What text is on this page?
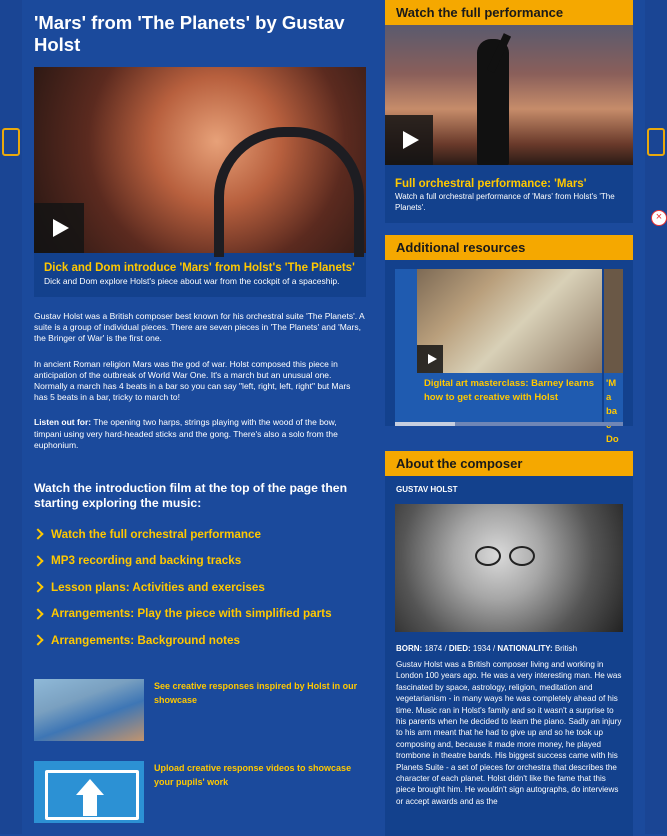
×
'Mars' from 'The Planets' by Gustav Holst
Dick and Dom introduce 'Mars' from Holst's 'The Planets'
Dick and Dom explore Holst's piece about war from the cockpit of a spaceship.

Gustav Holst was a British composer best known for his orchestral suite 'The Planets'. A suite is a group of individual pieces. There are seven pieces in 'The Planets' and 'Mars, the Bringer of War' is the first one.

In ancient Roman religion Mars was the god of war. Holst composed this piece in anticipation of the outbreak of World War One. It's a march but an unusual one. Normally a march has 4 beats in a bar so you can say "left, right, left, right" but Mars has 5 beats in a bar, tricky to march to!

Listen out for: The opening two harps, strings playing with the wood of the bow, timpani using very hard-headed sticks and the gong. There's also a solo from the euphonium.

Watch the introduction film at the top of the page then starting exploring the music:
Watch the full orchestral performance
MP3 recording and backing tracks
Lesson plans: Activities and exercises
Arrangements: Play the piece with simplified parts
Arrangements: Background notes
See creative responses inspired by Holst in our showcase
Upload creative response videos to showcase your pupils' work
Watch the full performance
Full orchestral performance: 'Mars'
Watch a full orchestral performance of 'Mars' from Holst's 'The Planets'.
Additional resources
Digital art masterclass: Barney learns how to get creative with Holst
'Ma ba Do
About the composer
GUSTAV HOLST
BORN: 1874 / DIED: 1934 / NATIONALITY: British
Gustav Holst was a British composer living and working in London 100 years ago. He was a very interesting man. He was fascinated by space, astrology, religion, meditation and vegetarianism - in many ways he was completely ahead of his time. Music ran in Holst's family and so it wasn't a surprise to his parents when he decided to learn the piano. Sadly an injury to his arm meant that he had to give up and so he took up composing and, because it made more money, he played trombone in theatre bands. His biggest success came with his Planets Suite - a set of pieces for orchestra that describes the character of each planet. Holst didn't like the fame that this piece brought him. He wouldn't sign autographs, do interviews or accept awards and as the
